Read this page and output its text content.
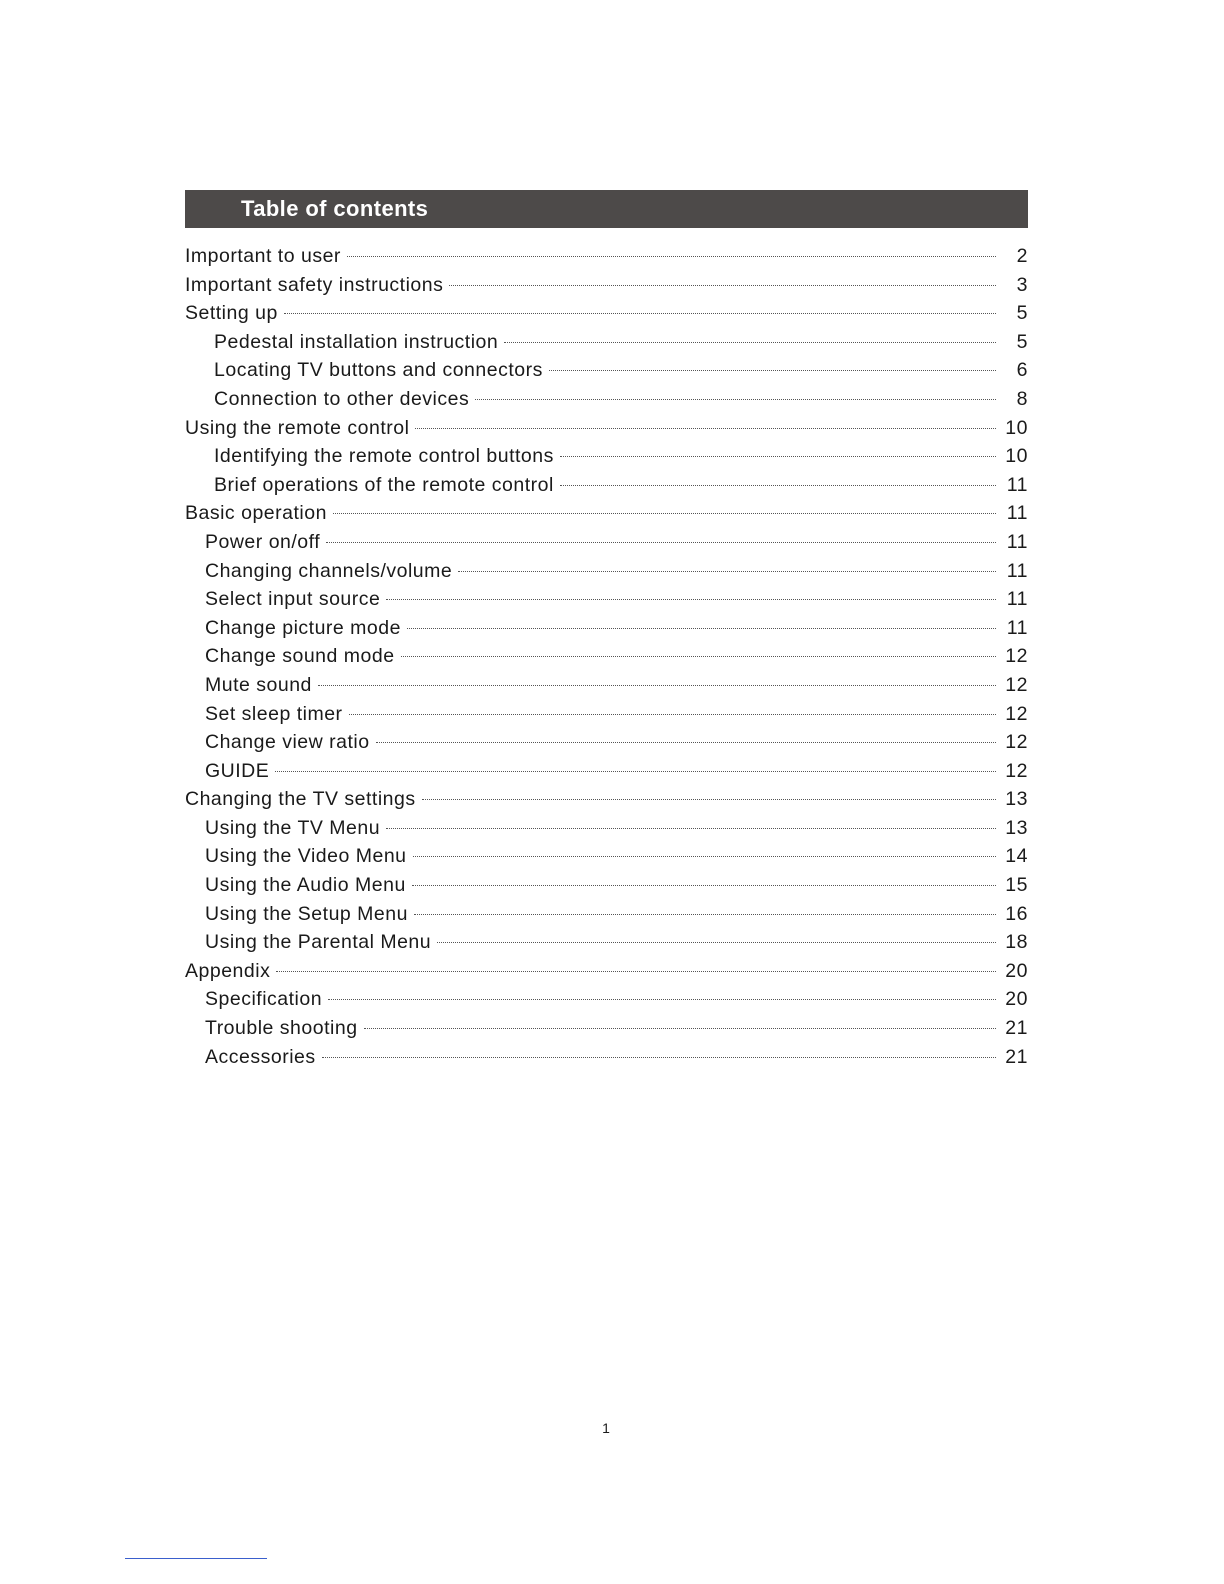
Table of contents
Important to user	2
Important safety instructions	3
Setting up	5
Pedestal installation instruction	5
Locating TV buttons and connectors	6
Connection to other devices	8
Using the remote control	10
Identifying the remote control buttons	10
Brief operations of the remote control	11
Basic operation	11
Power on/off	11
Changing channels/volume	11
Select input source	11
Change picture mode	11
Change sound mode	12
Mute sound	12
Set sleep timer	12
Change view ratio	12
GUIDE	12
Changing the TV settings	13
Using the TV Menu	13
Using the Video Menu	14
Using the Audio Menu	15
Using the Setup Menu	16
Using the Parental Menu	18
Appendix	20
Specification	20
Trouble shooting	21
Accessories	21
1
